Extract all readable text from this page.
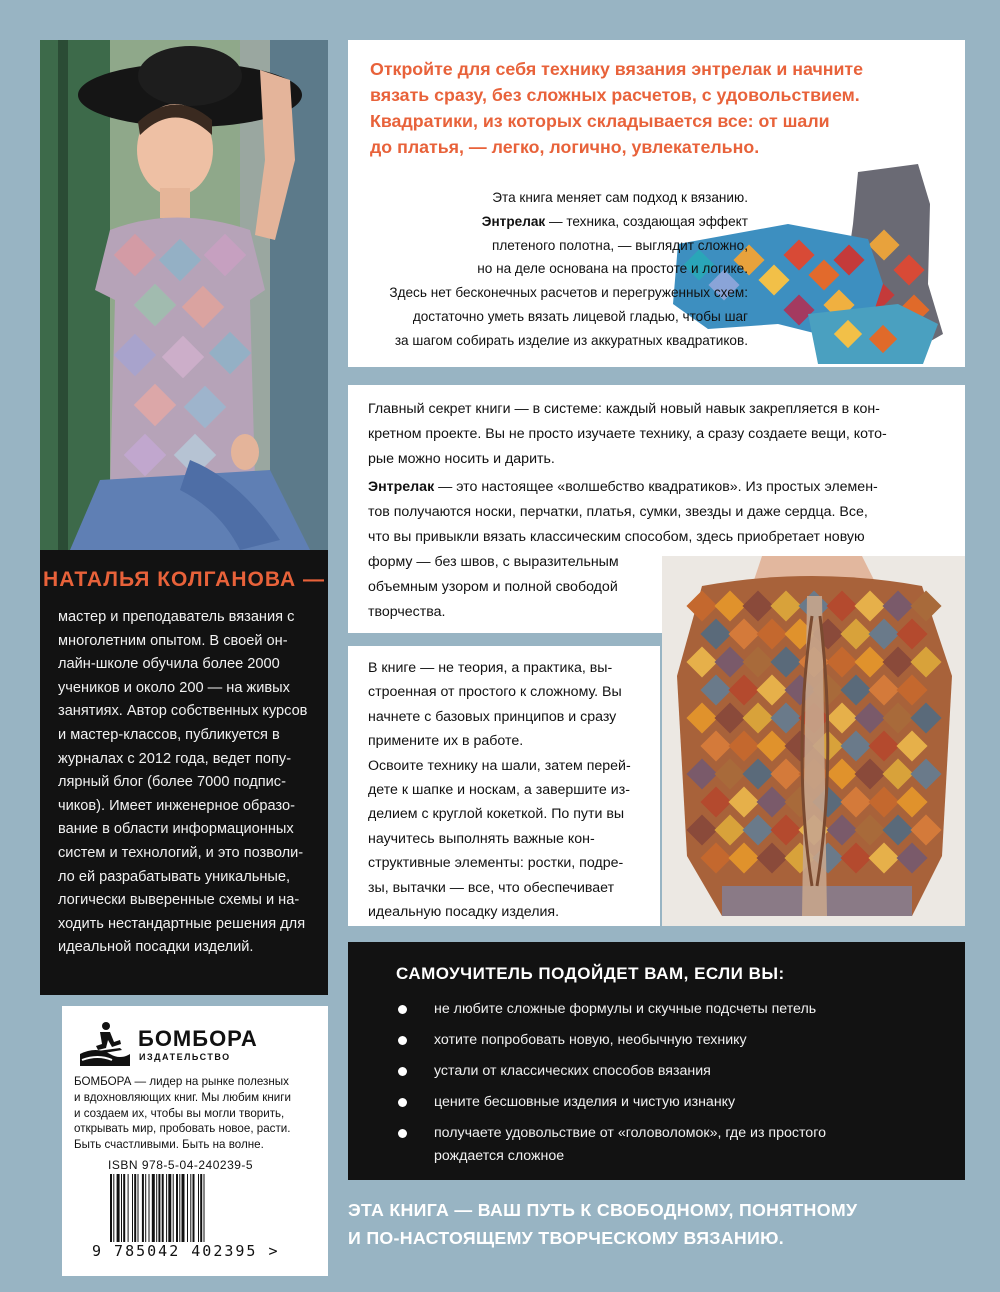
НАТАЛЬЯ КОЛГАНОВА —
мастер и преподаватель вязания с
многолетним опытом. В своей он-
лайн-школе обучила более 2000
учеников и около 200 — на живых
занятиях. Автор собственных курсов
и мастер-классов, публикуется в
журналах с 2012 года, ведет попу-
лярный блог (более 7000 подпис-
чиков). Имеет инженерное образо-
вание в области информационных
систем и технологий, и это позволи-
ло ей разрабатывать уникальные,
логически выверенные схемы и на-
ходить нестандартные решения для
идеальной посадки изделий.
БОМБОРА
ИЗДАТЕЛЬСТВО
БОМБОРА — лидер на рынке полезных
и вдохновляющих книг. Мы любим книги
и создаем их, чтобы вы могли творить,
открывать мир, пробовать новое, расти.
Быть счастливыми. Быть на волне.
ISBN 978-5-04-240239-5
9 785042 402395 >
Откройте для себя технику вязания энтрелак и начните
вязать сразу, без сложных расчетов, с удовольствием.
Квадратики, из которых складывается все: от шали
до платья, — легко, логично, увлекательно.
Эта книга меняет сам подход к вязанию.
Энтрелак — техника, создающая эффект
плетеного полотна, — выглядит сложно,
но на деле основана на простоте и логике.
Здесь нет бесконечных расчетов и перегруженных схем:
достаточно уметь вязать лицевой гладью, чтобы шаг
за шагом собирать изделие из аккуратных квадратиков.
Главный секрет книги — в системе: каждый новый навык закрепляется в кон-
кретном проекте. Вы не просто изучаете технику, а сразу создаете вещи, кото-
рые можно носить и дарить.
Энтрелак — это настоящее «волшебство квадратиков». Из простых элемен-
тов получаются носки, перчатки, платья, сумки, звезды и даже сердца. Все,
что вы привыкли вязать классическим способом, здесь приобретает новую
форму — без швов, с выразительным
объемным узором и полной свободой
творчества.
В книге — не теория, а практика, вы-
строенная от простого к сложному. Вы
начнете с базовых принципов и сразу
примените их в работе.
Освоите технику на шали, затем перей-
дете к шапке и носкам, а завершите из-
делием с круглой кокеткой. По пути вы
научитесь выполнять важные кон-
структивные элементы: ростки, подре-
зы, вытачки — все, что обеспечивает
идеальную посадку изделия.
САМОУЧИТЕЛЬ ПОДОЙДЕТ ВАМ, ЕСЛИ ВЫ:
не любите сложные формулы и скучные подсчеты петель
хотите попробовать новую, необычную технику
устали от классических способов вязания
цените бесшовные изделия и чистую изнанку
получаете удовольствие от «головоломок», где из простого
рождается сложное
ЭТА КНИГА — ВАШ ПУТЬ К СВОБОДНОМУ, ПОНЯТНОМУ
И ПО-НАСТОЯЩЕМУ ТВОРЧЕСКОМУ ВЯЗАНИЮ.
